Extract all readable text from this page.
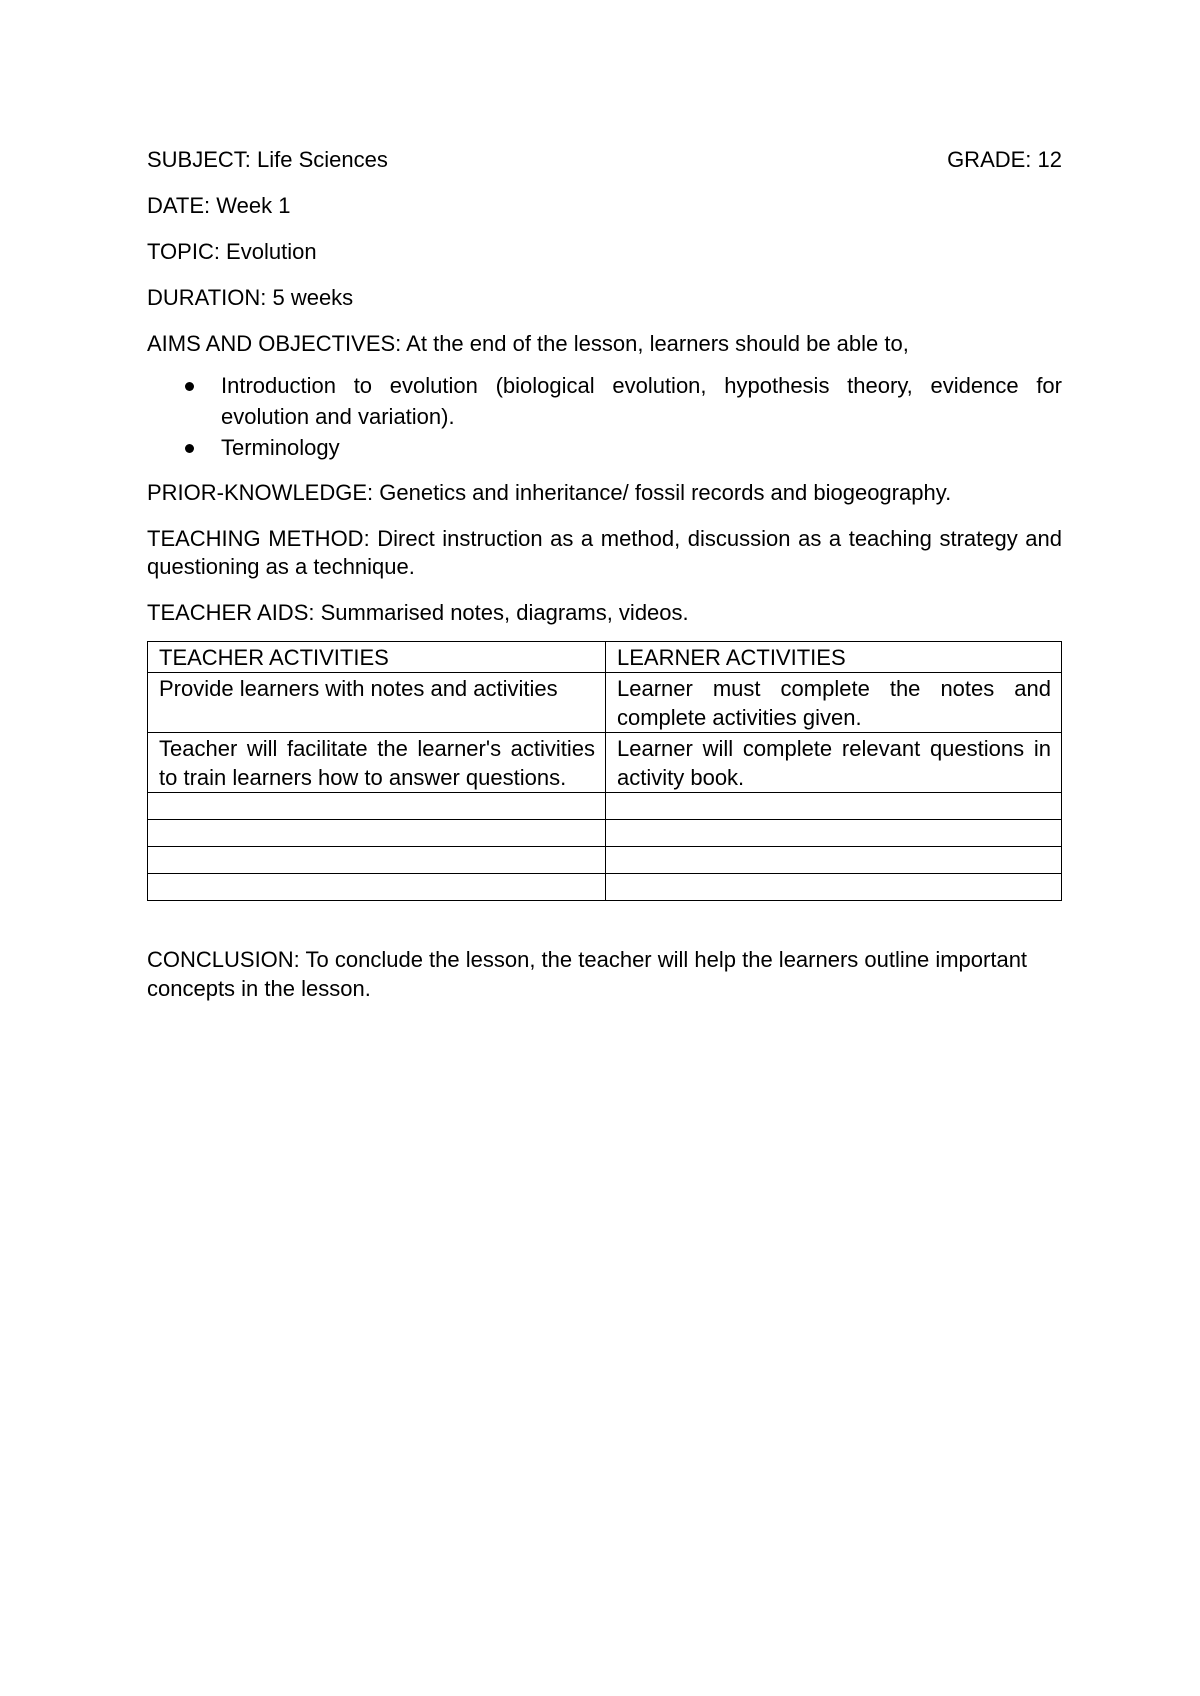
SUBJECT: Life Sciences	GRADE: 12
DATE: Week 1
TOPIC: Evolution
DURATION: 5 weeks
AIMS AND OBJECTIVES: At the end of the lesson, learners should be able to,
Introduction to evolution (biological evolution, hypothesis theory, evidence for evolution and variation).
Terminology
PRIOR-KNOWLEDGE: Genetics and inheritance/ fossil records and biogeography.
TEACHING METHOD: Direct instruction as a method, discussion as a teaching strategy and questioning as a technique.
TEACHER AIDS: Summarised notes, diagrams, videos.
TEACHER ACTIVITIES	LEARNER ACTIVITIES
Provide learners with notes and activities	Learner must complete the notes and complete activities given.
Teacher will facilitate the learner's activities to train learners how to answer questions.	Learner will complete relevant questions in activity book.

CONCLUSION: To conclude the lesson, the teacher will help the learners outline important concepts in the lesson.
